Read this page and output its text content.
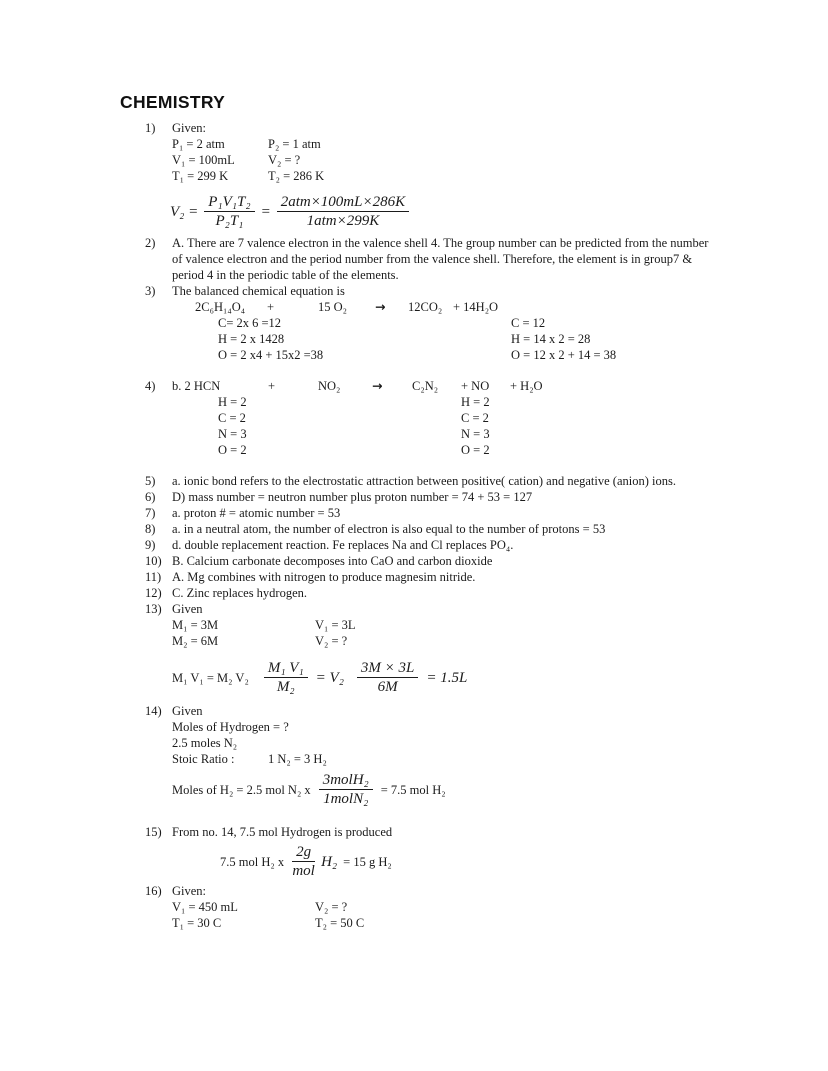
CHEMISTRY
1)	Given:
P₁ = 2 atm	P₂ = 1 atm
V₁ = 100mL	V₂ = ?
T₁ = 299 K	T₂ = 286 K
$V_2 = \frac{\text{P₁V₁T₂}}{\text{P₂T₁}} = \frac{\text{2atm×100mL×286K}}{\text{1atm×299K}}$
2)	A. There are 7 valence electron in the valence shell 4. The group number can be predicted from the number of valence electron and the period number from the valence shell. Therefore, the element is in group7 & period 4 in the periodic table of the elements.
3)	The balanced chemical equation is
2C₆H₁₄O₄ +	15 O₂ → 12CO₂ + 14H₂O
C= 2x 6 =12	C = 12
H = 2 x 1428	H = 14 x 2 = 28
O = 2 x4 + 15x2 =38	O = 12 x 2 + 14 = 38
4)	b. 2 HCN	+	NO₂	→ C₂N₂ + NO + H₂O
H = 2	H = 2
C = 2	C = 2
N = 3	N = 3
O = 2	O = 2
5)	a. ionic bond refers to the electrostatic attraction between positive( cation) and negative (anion) ions.
6)	D) mass number = neutron number plus proton number = 74 + 53 = 127
7)	a. proton # = atomic number = 53
8)	a. in a neutral atom, the number of electron is also equal to the number of protons = 53
9)	d. double replacement reaction. Fe replaces Na and Cl replaces PO₄.
10) B. Calcium carbonate decomposes into CaO and carbon dioxide
11) A. Mg combines with nitrogen to produce magnesim nitride.
12) C. Zinc replaces hydrogen.
13) Given
M₁ = 3M	V₁ = 3L
M₂ = 6M	V₂ = ?
M₁ V₁ = M₂ $V_2 \frac{\text{M₁ V₁}}{\text{M₂}} = V_2 \frac{3M \times 3L}{6M} = 1.5L$
14) Given
Moles of Hydrogen = ?
2.5 moles N₂
Stoic Ratio :	1 N₂ = 3 H₂
Moles of H₂ = 2.5 mol N₂ x $\frac{\text{3molH₂}}{\text{1molN₂}} = 7.5$ mol H₂
15) From no. 14, 7.5 mol Hydrogen is produced
7.5 mol H₂ x $\frac{2g}{\text{mol}} H_2 = 15$ g H₂
16) Given:
V₁ = 450 mL	V₂ = ?
T₁ = 30 C	T₂ = 50 C
